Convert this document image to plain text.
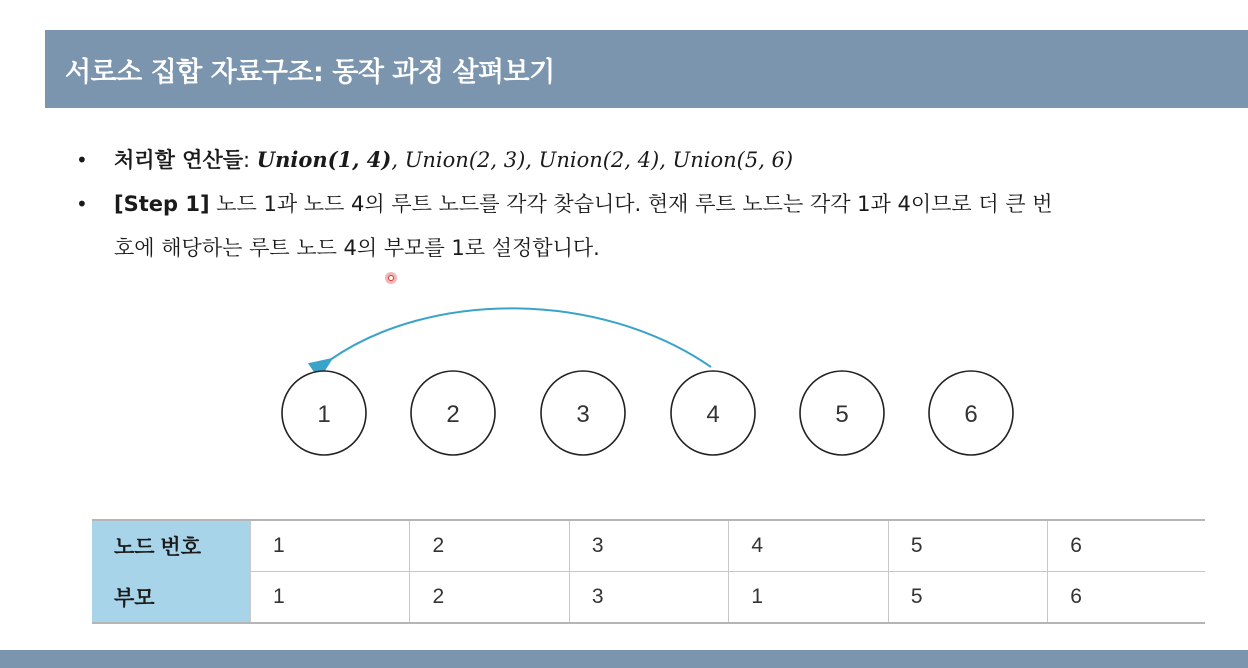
서로소 집합 자료구조: 동작 과정 살펴보기
• 처리할 연산들: Union(1, 4), Union(2, 3), Union(2, 4), Union(5, 6)
• [Step 1] 노드 1과 노드 4의 루트 노드를 각각 찾습니다. 현재 루트 노드는 각각 1과 4이므로 더 큰 번
호에 해당하는 루트 노드 4의 부모를 1로 설정합니다.
1	2	3	4	5	6
노드 번호	1	2	3	4	5	6
부모	1	2	3	1	5	6
